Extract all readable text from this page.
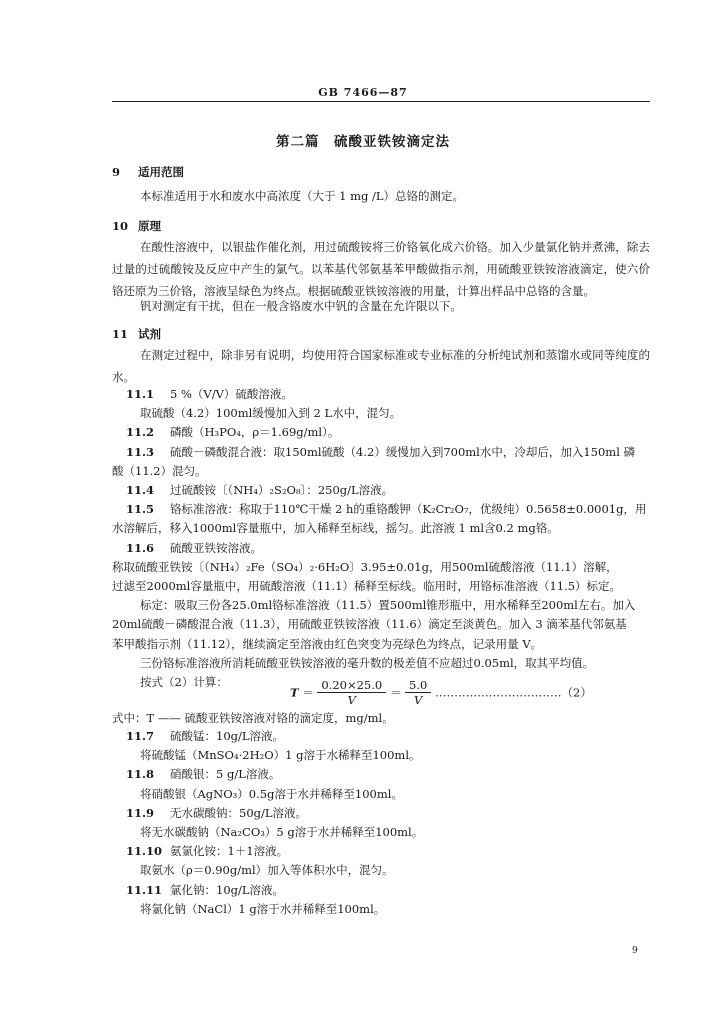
GB 7466—87
第二篇　硫酸亚铁铵滴定法
9 适用范围
本标准适用于水和废水中高浓度（大于 1 mg /L）总铬的测定。
10 原理
在酸性溶液中，以银盐作催化剂，用过硫酸铵将三价铬氧化成六价铬。加入少量氯化钠并煮沸，除去过量的过硫酸铵及反应中产生的氯气。以苯基代邻氨基苯甲酸做指示剂，用硫酸亚铁铵溶液滴定，使六价铬还原为三价铬，溶液呈绿色为终点。根据硫酸亚铁铵溶液的用量，计算出样品中总铬的含量。
钒对测定有干扰，但在一般含铬废水中钒的含量在允许限以下。
11 试剂
在测定过程中，除非另有说明，均使用符合国家标准或专业标准的分析纯试剂和蒸馏水或同等纯度的水。
11.1 5 %（V/V）硫酸溶液。
取硫酸（4.2）100ml缓慢加入到 2 L水中，混匀。
11.2 磷酸（H₃PO₄，ρ＝1.69g/ml）。
11.3 硫酸－磷酸混合液：取150ml硫酸（4.2）缓慢加入到700ml水中，冷却后，加入150ml 磷
酸（11.2）混匀。
11.4 过硫酸铵〔（NH₄）₂S₂O₈〕：250g/L溶液。
11.5 铬标准溶液：称取于110℃干燥 2 h的重铬酸钾（K₂Cr₂O₇，优级纯）0.5658±0.0001g，用
水溶解后，移入1000ml容量瓶中，加入稀释至标线，摇匀。此溶液 1 ml含0.2 mg铬。
11.6 硫酸亚铁铵溶液。
称取硫酸亚铁铵〔（NH₄）₂Fe（SO₄）₂·6H₂O〕3.95±0.01g，用500ml硫酸溶液（11.1）溶解，
过滤至2000ml容量瓶中，用硫酸溶液（11.1）稀释至标线。临用时，用铬标准溶液（11.5）标定。
标定：吸取三份各25.0ml铬标准溶液（11.5）置500ml锥形瓶中，用水稀释至200ml左右。加入
20ml硫酸－磷酸混合液（11.3），用硫酸亚铁铵溶液（11.6）滴定至淡黄色。加入 3 滴苯基代邻氨基
苯甲酸指示剂（11.12），继续滴定至溶液由红色突变为亮绿色为终点，记录用量 V。
三份铬标准溶液所消耗硫酸亚铁铵溶液的毫升数的极差值不应超过0.05ml，取其平均值。
按式（2）计算：
$T = \frac{0.20\times 25.0}{V} = \frac{5.0}{V}$ ……………………………（2）
式中：T —— 硫酸亚铁铵溶液对铬的滴定度，mg/ml。
11.7 硫酸锰：10g/L溶液。
将硫酸锰（MnSO₄·2H₂O）1 g溶于水稀释至100ml。
11.8 硝酸银：5 g/L溶液。
将硝酸银（AgNO₃）0.5g溶于水并稀释至100ml。
11.9 无水碳酸钠：50g/L溶液。
将无水碳酸钠（Na₂CO₃）5 g溶于水并稀释至100ml。
11.10 氨氯化铵：1＋1溶液。
取氨水（ρ＝0.90g/ml）加入等体积水中，混匀。
11.11 氯化钠：10g/L溶液。
将氯化钠（NaCl）1 g溶于水并稀释至100ml。
9
